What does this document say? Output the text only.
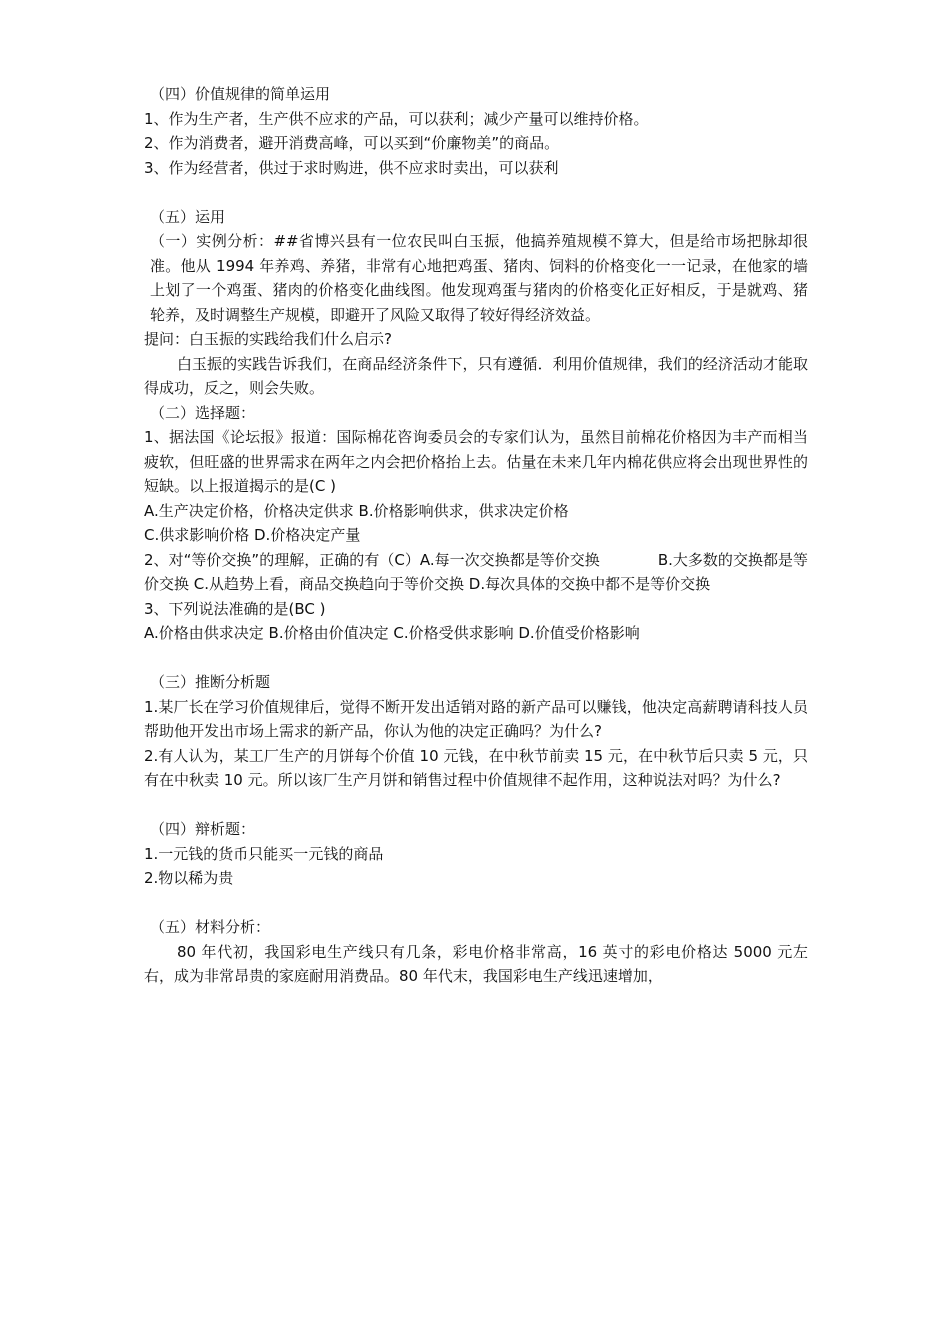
（四）价值规律的简单运用

1、作为生产者，生产供不应求的产品，可以获利；减少产量可以维持价格。

2、作为消费者，避开消费高峰，可以买到“价廉物美”的商品。

3、作为经营者，供过于求时购进，供不应求时卖出，可以获利

（五）运用

（一）实例分析：##省博兴县有一位农民叫白玉振，他搞养殖规模不算大，但是给市场把脉却很准。他从 1994 年养鸡、养猪，非常有心地把鸡蛋、猪肉、饲料的价格变化一一记录，在他家的墙上划了一个鸡蛋、猪肉的价格变化曲线图。他发现鸡蛋与猪肉的价格变化正好相反，于是就鸡、猪轮养，及时调整生产规模，即避开了风险又取得了较好得经济效益。

提问：白玉振的实践给我们什么启示?

白玉振的实践告诉我们，在商品经济条件下，只有遵循．利用价值规律，我们的经济活动才能取得成功，反之，则会失败。

（二）选择题：

1、据法国《论坛报》报道：国际棉花咨询委员会的专家们认为，虽然目前棉花价格因为丰产而相当疲软，但旺盛的世界需求在两年之内会把价格抬上去。估量在未来几年内棉花供应将会出现世界性的短缺。以上报道揭示的是(C )

A.生产决定价格，价格决定供求 B.价格影响供求，供求决定价格

C.供求影响价格 D.价格决定产量

2、对“等价交换”的理解，正确的有（C）A.每一次交换都是等价交换	B.大多数的交换都是等价交换 C.从趋势上看，商品交换趋向于等价交换 D.每次具体的交换中都不是等价交换

3、下列说法准确的是(BC )

A.价格由供求决定 B.价格由价值决定 C.价格受供求影响 D.价值受价格影响

（三）推断分析题

1.某厂长在学习价值规律后，觉得不断开发出适销对路的新产品可以赚钱，他决定高薪聘请科技人员帮助他开发出市场上需求的新产品，你认为他的决定正确吗？为什么?

2.有人认为，某工厂生产的月饼每个价值 10 元钱，在中秋节前卖 15 元，在中秋节后只卖 5 元，只有在中秋卖 10 元。所以该厂生产月饼和销售过程中价值规律不起作用，这种说法对吗？为什么?

（四）辩析题：

1.一元钱的货币只能买一元钱的商品

2.物以稀为贵

（五）材料分析：

80 年代初，我国彩电生产线只有几条，彩电价格非常高，16 英寸的彩电价格达 5000 元左右，成为非常昂贵的家庭耐用消费品。80 年代末，我国彩电生产线迅速增加，
